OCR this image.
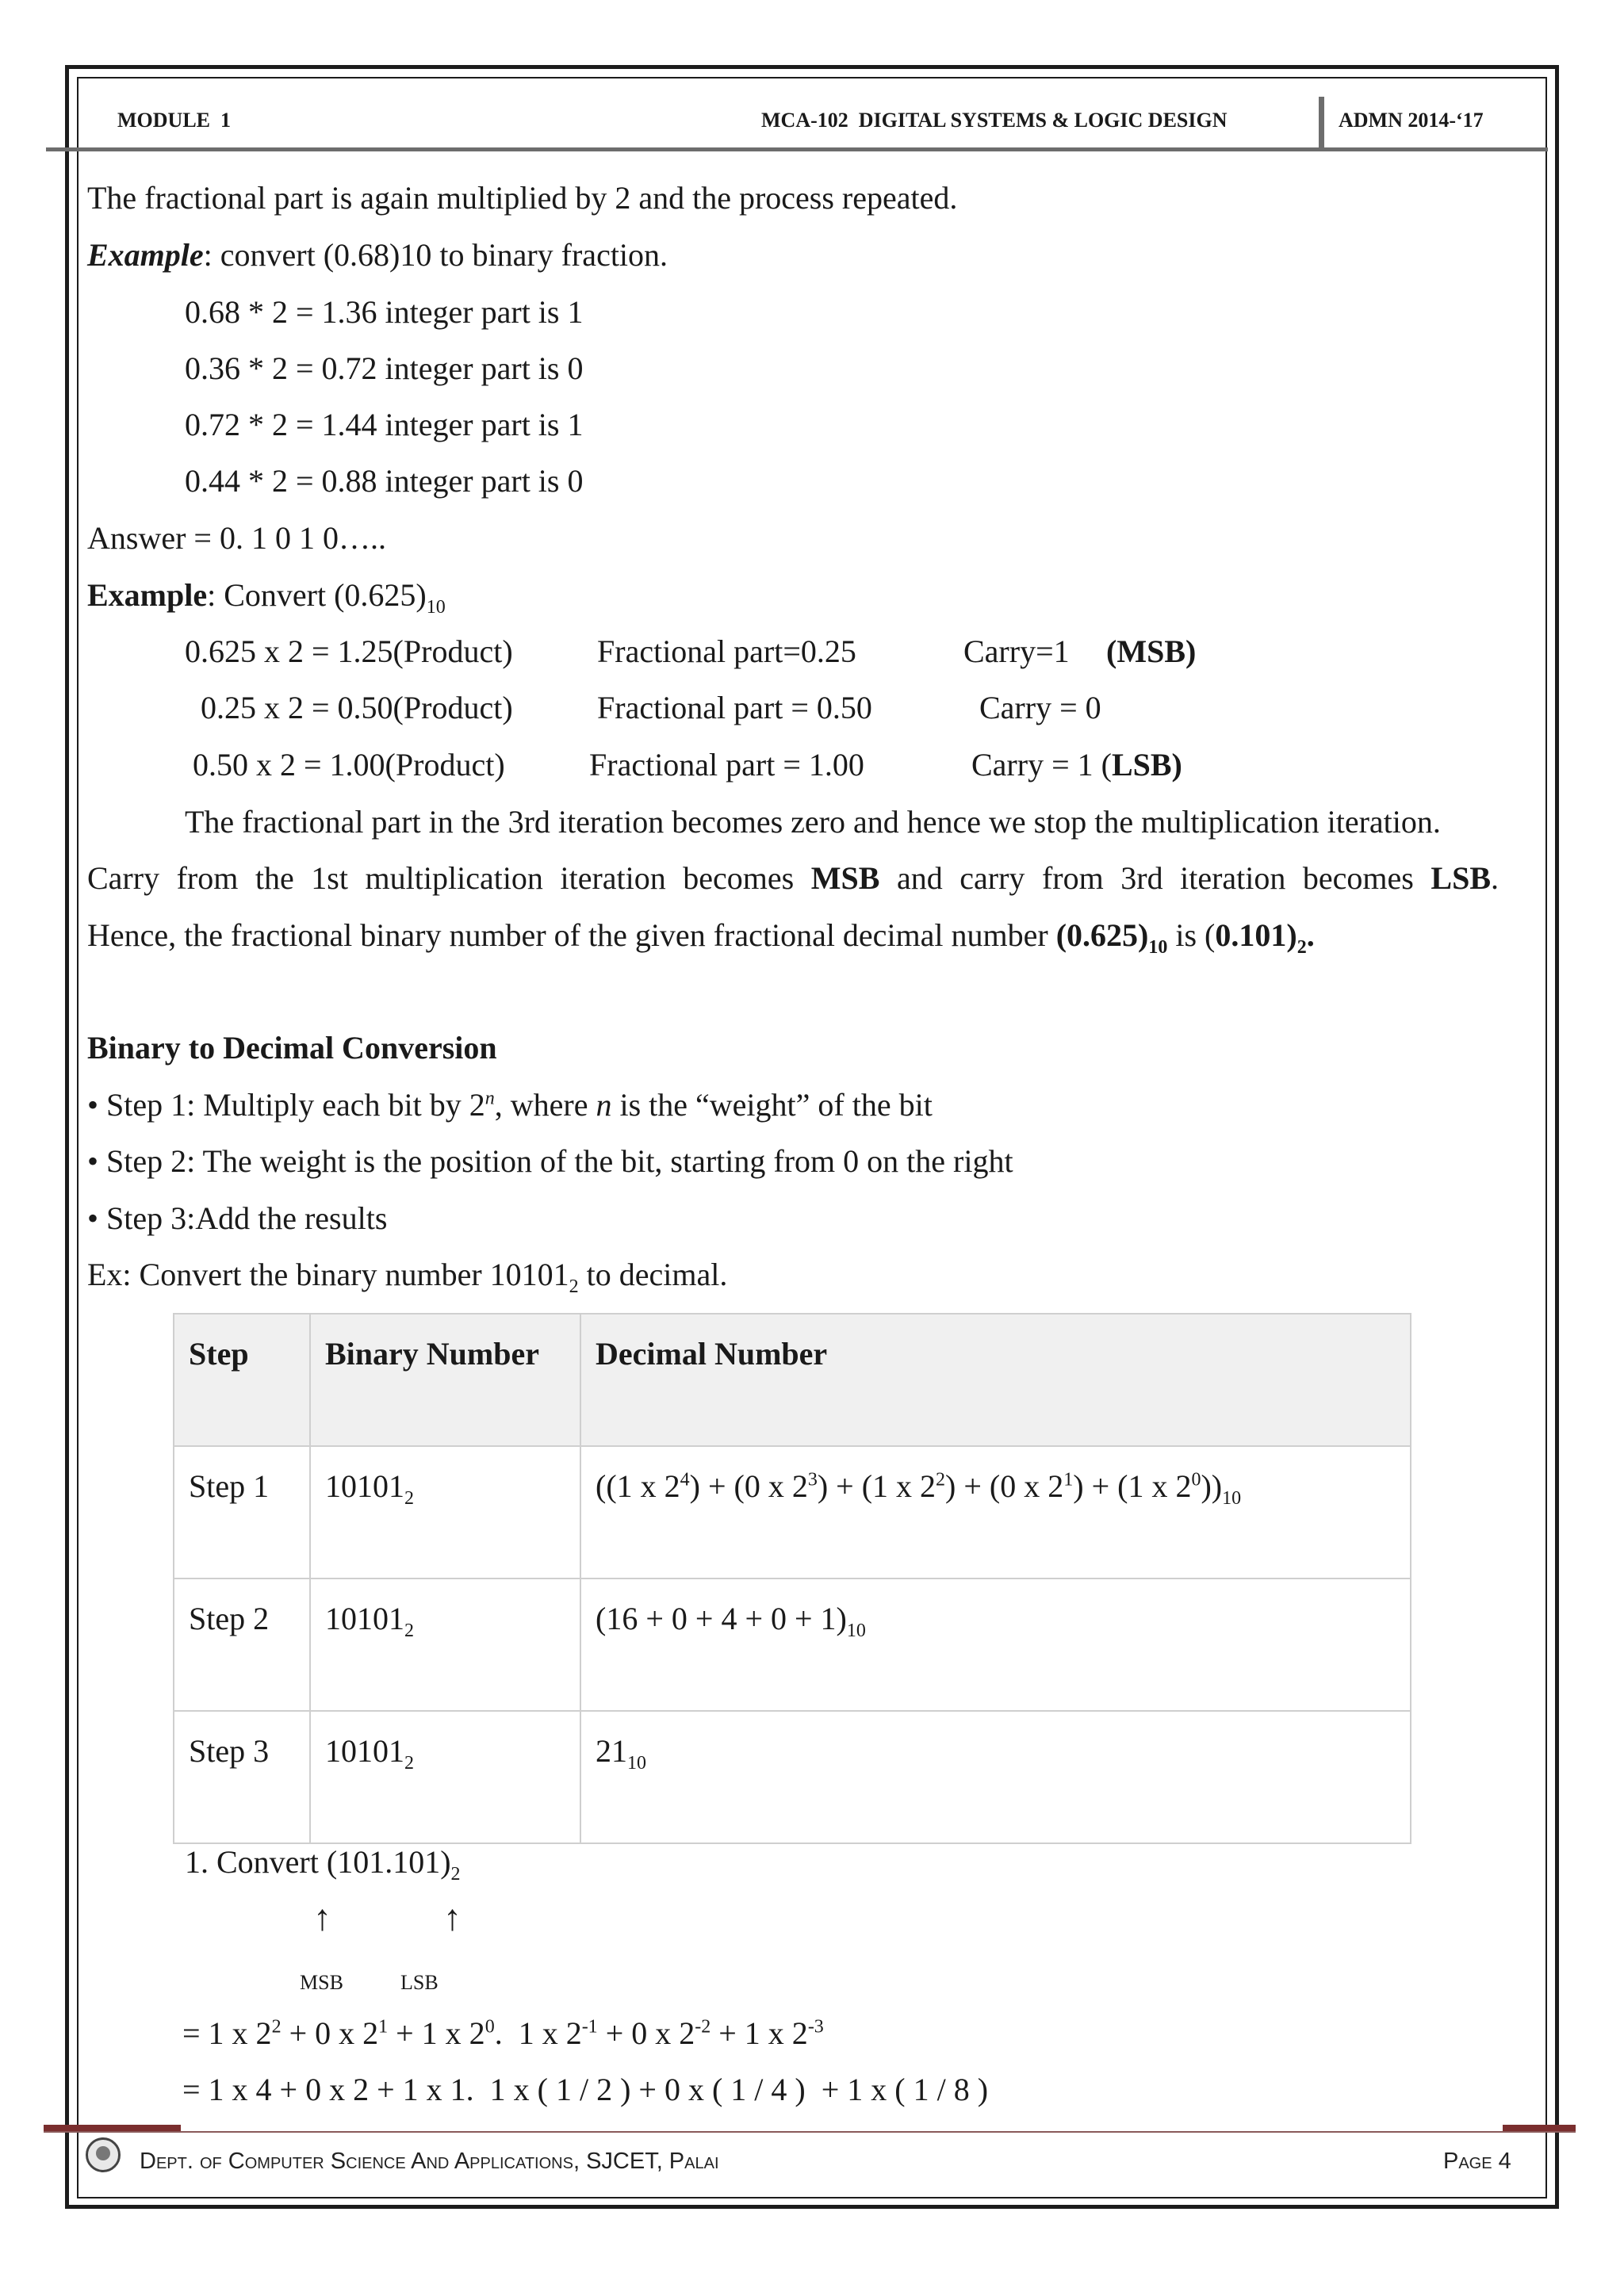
MODULE  1	MCA-102  DIGITAL SYSTEMS & LOGIC DESIGN	ADMN 2014-‘17
The fractional part is again multiplied by 2 and the process repeated.
Example: convert (0.68)10 to binary fraction.
0.68 * 2 = 1.36 integer part is 1
0.36 * 2 = 0.72 integer part is 0
0.72 * 2 = 1.44 integer part is 1
0.44 * 2 = 0.88 integer part is 0
Answer = 0. 1 0 1 0…..
Example: Convert $(0.625)_{10}$
0.625 x 2 = 1.25(Product)	Fractional part=0.25	Carry=1 (MSB)
0.25 x 2 = 0.50(Product)	Fractional part = 0.50	Carry = 0
0.50 x 2 = 1.00(Product)	Fractional part = 1.00	Carry = 1 (LSB)
The fractional part in the 3rd iteration becomes zero and hence we stop the multiplication iteration.
Carry from the 1st multiplication iteration becomes MSB and carry from 3rd iteration becomes LSB.
Hence, the fractional binary number of the given fractional decimal number $(0.625)_{10}$ is $(0.101)_2$.
Binary to Decimal Conversion
• Step 1: Multiply each bit by 2$^n$, where n is the “weight” of the bit
• Step 2: The weight is the position of the bit, starting from 0 on the right
• Step 3:Add the results
Ex: Convert the binary number $10101_2$ to decimal.
Step	Binary Number	Decimal Number
Step 1	$10101_2$	((1 x $2^4) + (0$ x $2^3) + (1$ x $2^2) + (0$ x $2^1) + (1$ x $2^0))_{10}$
Step 2	$10101_2$	$(16 + 0 + 4 + 0 + 1)_{10}$
Step 3	$10101_2$	$21_{10}$
1. Convert $(101.101)_2$
↑	↑
MSB	LSB
= 1 x $2^2 + 0$ x $2^1 + 1$ x $2^0$.  1 x $2^{-1} + 0$ x $2^{-2} + 1$ x $2^{-3}$
= 1 x 4 + 0 x 2 + 1 x 1.  1 x ( 1 / 2 ) + 0 x ( 1 / 4 )  + 1 x ( 1 / 8 )
Dept. of Computer Science And Applications, SJCET, Palai	Page 4
